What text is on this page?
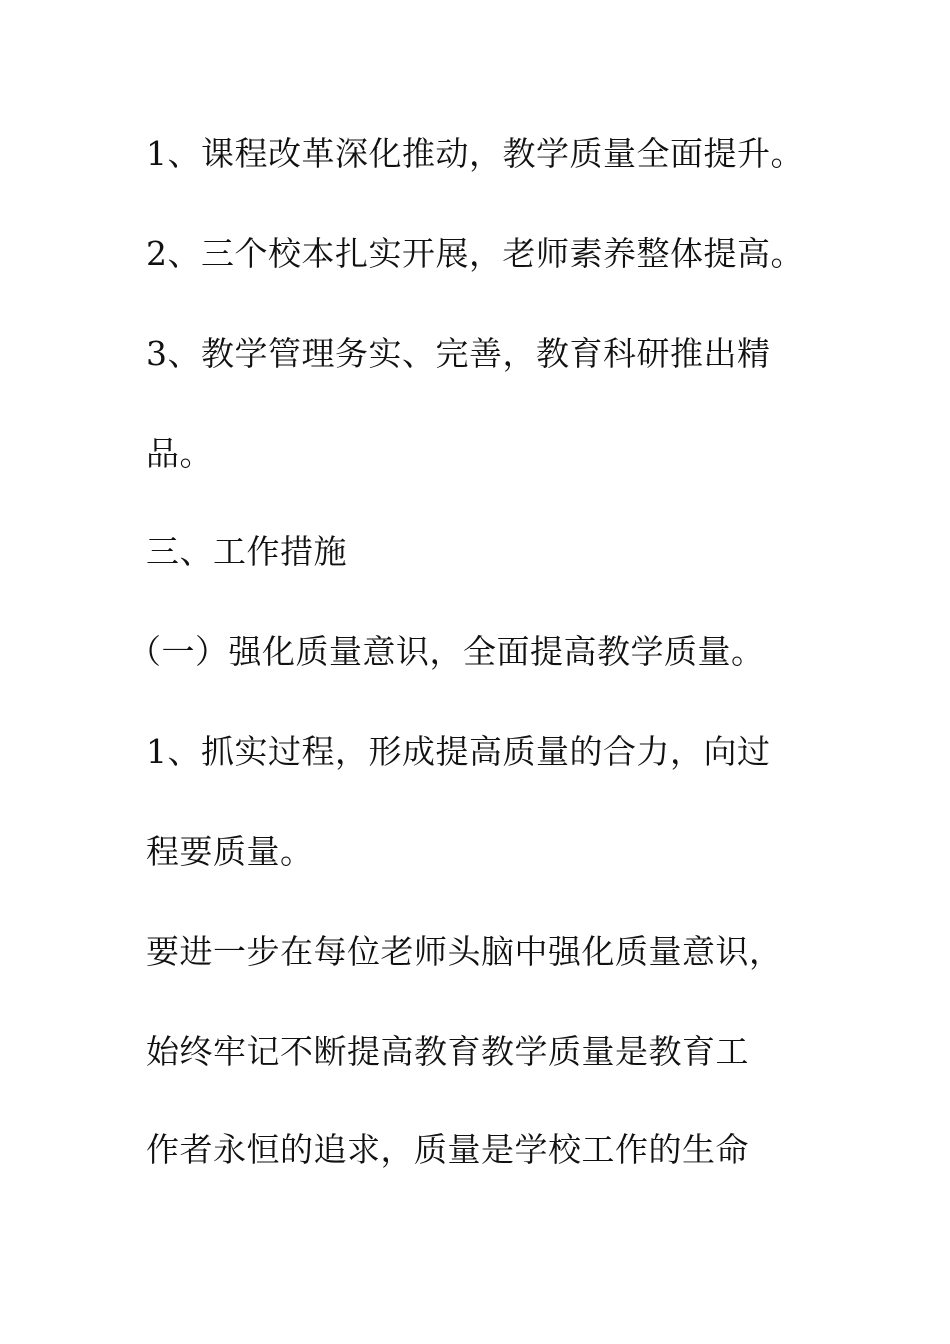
1、课程改革深化推动，教学质量全面提升。
2、三个校本扎实开展，老师素养整体提高。
3、教学管理务实、完善，教育科研推出精
品。
三、工作措施
（一）强化质量意识，全面提高教学质量。
1、抓实过程，形成提高质量的合力，向过
程要质量。
要进一步在每位老师头脑中强化质量意识，
始终牢记不断提高教育教学质量是教育工
作者永恒的追求，质量是学校工作的生命
